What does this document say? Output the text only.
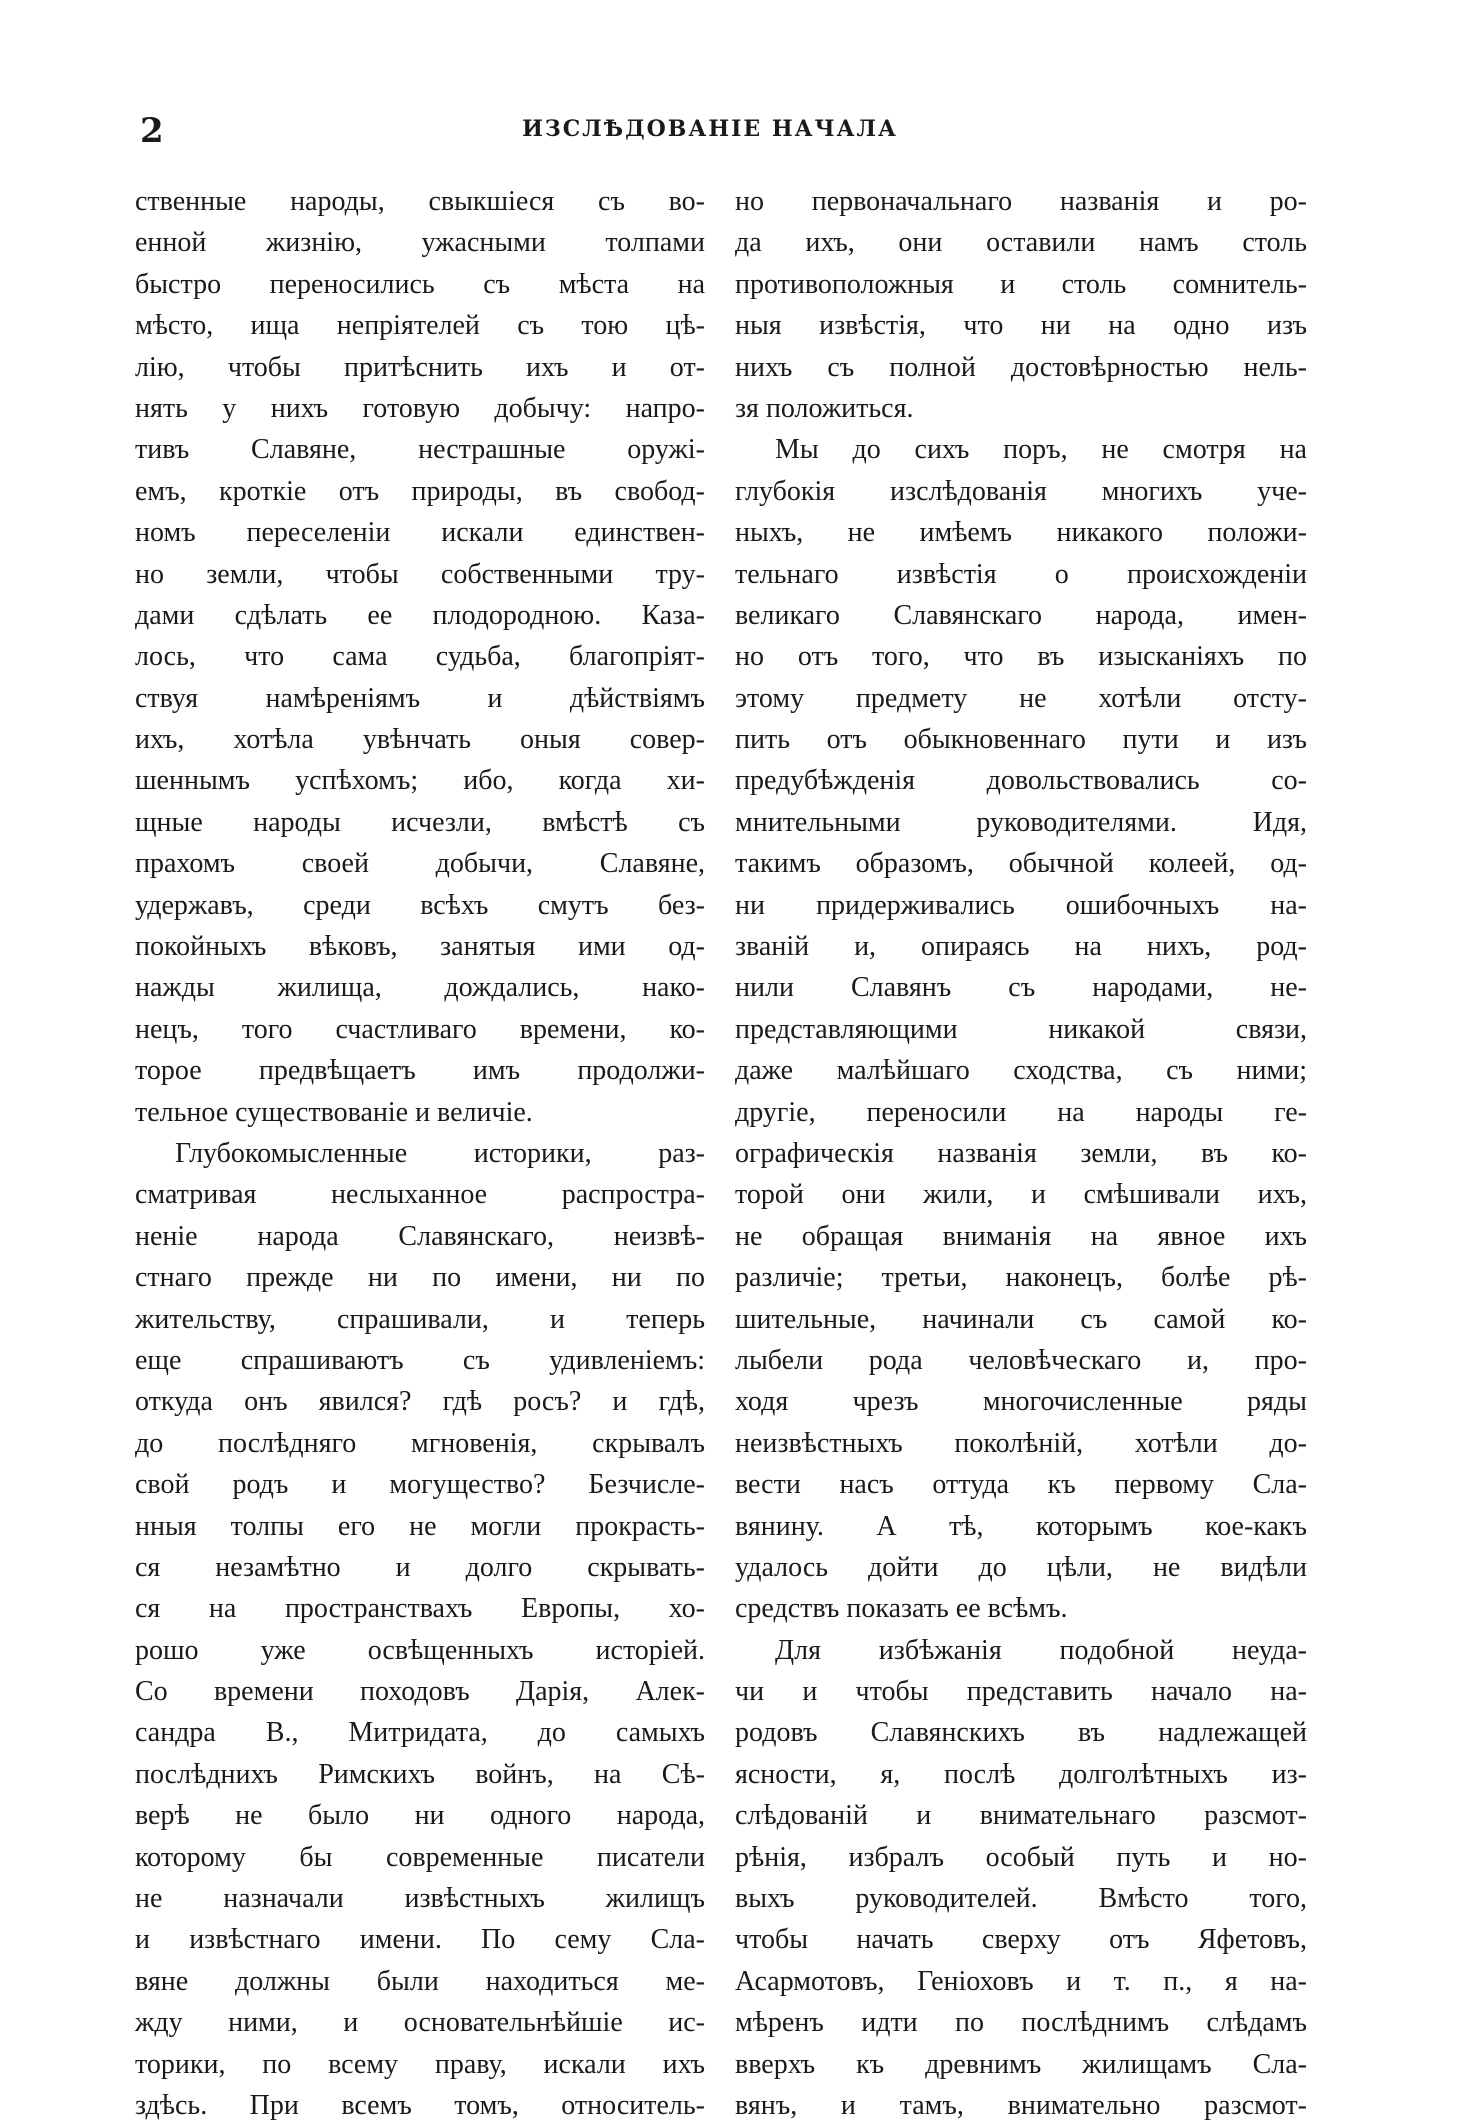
2	ИЗСЛѢДОВАНІЕ НАЧАЛА
ственные народы, свыкшіеся съ во-
енной жизнію, ужасными толпами
быстро переносились съ мѣста на
мѣсто, ища непріятелей съ тою цѣ-
лію, чтобы притѣснить ихъ и от-
нять у нихъ готовую добычу: напро-
тивъ Славяне, нестрашные оружі-
емъ, кроткіе отъ природы, въ свобод-
номъ переселеніи искали единствен-
но земли, чтобы собственными тру-
дами сдѣлать ее плодородною. Каза-
лось, что сама судьба, благопріят-
ствуя намѣреніямъ и дѣйствіямъ
ихъ, хотѣла увѣнчать оныя совер-
шеннымъ успѣхомъ; ибо, когда хи-
щные народы исчезли, вмѣстѣ съ
прахомъ своей добычи, Славяне,
удержавъ, среди всѣхъ смутъ без-
покойныхъ вѣковъ, занятыя ими од-
нажды жилища, дождались, нако-
нецъ, того счастливаго времени, ко-
торое предвѣщаетъ имъ продолжи-
тельное существованіе и величіе.
Глубокомысленные историки, раз-
сматривая неслыханное распростра-
неніе народа Славянскаго, неизвѣ-
стнаго прежде ни по имени, ни по
жительству, спрашивали, и теперь
еще спрашиваютъ съ удивленіемъ:
откуда онъ явился? гдѣ росъ? и гдѣ,
до послѣдняго мгновенія, скрывалъ
свой родъ и могущество? Безчисле-
нныя толпы его не могли прокрасть-
ся незамѣтно и долго скрывать-
ся на пространствахъ Европы, хо-
рошо уже освѣщенныхъ исторіей.
Со времени походовъ Дарія, Алек-
сандра В., Митридата, до самыхъ
послѣднихъ Римскихъ войнъ, на Сѣ-
верѣ не было ни одного народа,
которому бы современные писатели
не назначали извѣстныхъ жилищъ
и извѣстнаго имени. По сему Сла-
вяне должны были находиться ме-
жду ними, и основательнѣйшіе ис-
торики, по всему праву, искали ихъ
здѣсь. При всемъ томъ, относитель-
но первоначальнаго названія и ро-
да ихъ, они оставили намъ столь
противоположныя и столь сомнитель-
ныя извѣстія, что ни на одно изъ
нихъ съ полной достовѣрностью нель-
зя положиться.
Мы до сихъ поръ, не смотря на
глубокія изслѣдованія многихъ уче-
ныхъ, не имѣемъ никакого положи-
тельнаго извѣстія о происхожденіи
великаго Славянскаго народа, имен-
но отъ того, что въ изысканіяхъ по
этому предмету не хотѣли отсту-
пить отъ обыкновеннаго пути и изъ
предубѣжденія довольствовались со-
мнительными руководителями. Идя,
такимъ образомъ, обычной колеей, од-
ни придерживались ошибочныхъ на-
званій и, опираясь на нихъ, род-
нили Славянъ съ народами, не-
представляющими никакой связи,
даже малѣйшаго сходства, съ ними;
другіе, переносили на народы ге-
ографическія названія земли, въ ко-
торой они жили, и смѣшивали ихъ,
не обращая вниманія на явное ихъ
различіе; третьи, наконецъ, болѣе рѣ-
шительные, начинали съ самой ко-
лыбели рода человѣческаго и, про-
ходя чрезъ многочисленные ряды
неизвѣстныхъ поколѣній, хотѣли до-
вести насъ оттуда къ первому Сла-
вянину. А тѣ, которымъ кое-какъ
удалось дойти до цѣли, не видѣли
средствъ показать ее всѣмъ.
Для избѣжанія подобной неуда-
чи и чтобы представить начало на-
родовъ Славянскихъ въ надлежащей
ясности, я, послѣ долголѣтныхъ из-
слѣдованій и внимательнаго разсмот-
рѣнія, избралъ особый путь и но-
выхъ руководителей. Вмѣсто того,
чтобы начать сверху отъ Яфетовъ,
Асармотовъ, Геніоховъ и т. п., я на-
мѣренъ идти по послѣднимъ слѣдамъ
вверхъ къ древнимъ жилищамъ Сла-
вянъ, и тамъ, внимательно разсмот-
